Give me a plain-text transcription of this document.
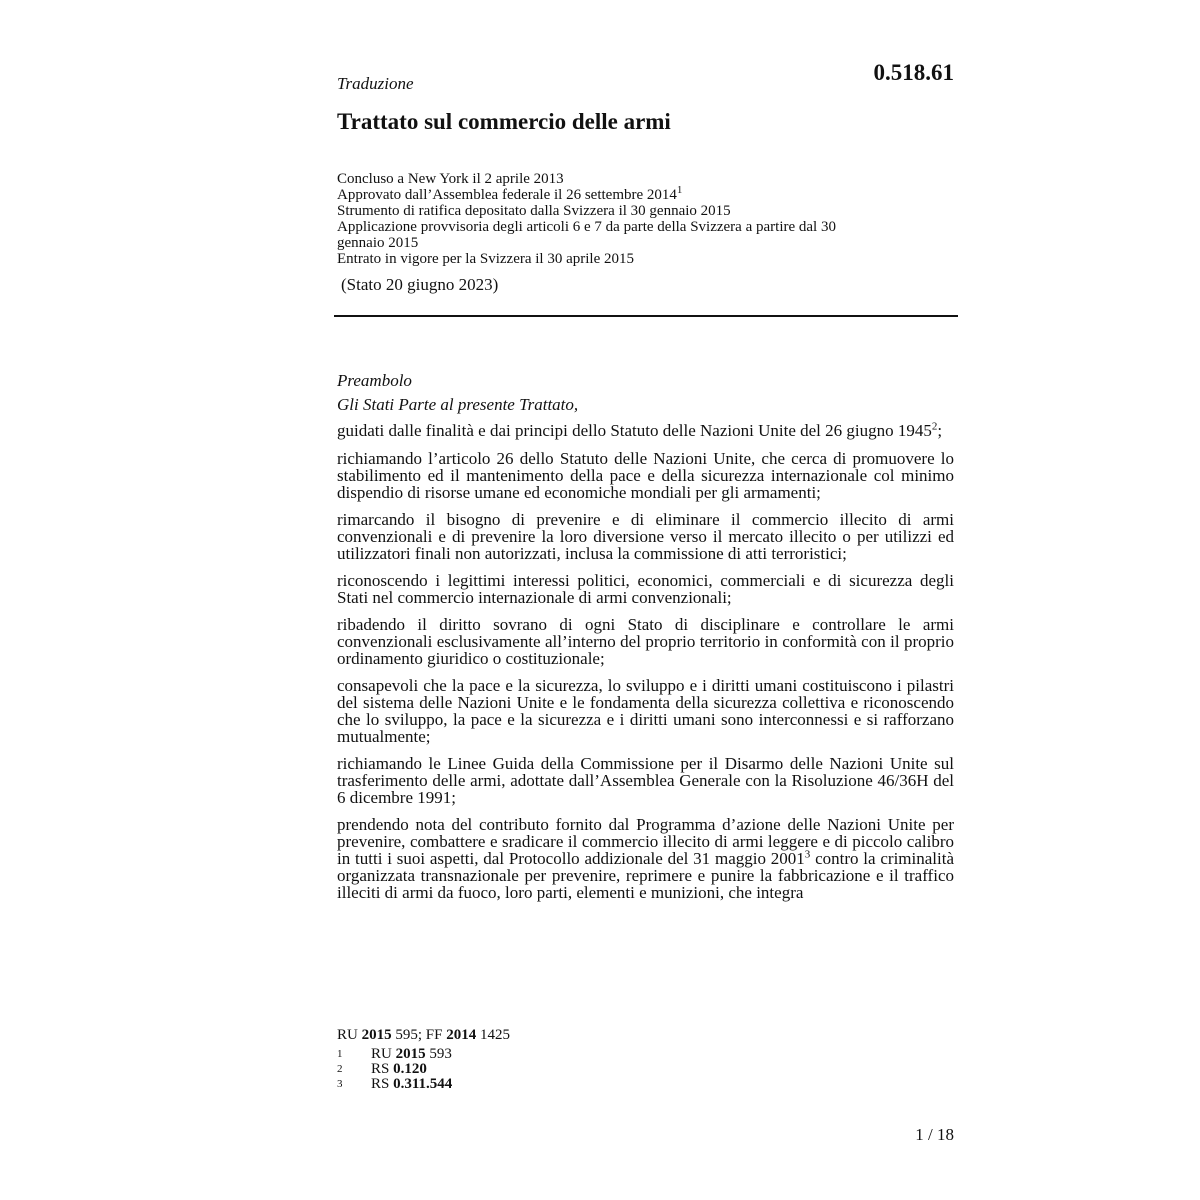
Traduzione	0.518.61
Trattato sul commercio delle armi
Concluso a New York il 2 aprile 2013
Approvato dall’Assemblea federale il 26 settembre 2014$^1$
Strumento di ratifica depositato dalla Svizzera il 30 gennaio 2015
Applicazione provvisoria degli articoli 6 e 7 da parte della Svizzera a partire dal 30 gennaio 2015
Entrato in vigore per la Svizzera il 30 aprile 2015
(Stato 20 giugno 2023)
Preambolo
Gli Stati Parte al presente Trattato,

guidati dalle finalità e dai principi dello Statuto delle Nazioni Unite del 26 giugno 1945$^2$;

richiamando l’articolo 26 dello Statuto delle Nazioni Unite, che cerca di promuovere lo stabilimento ed il mantenimento della pace e della sicurezza internazionale col minimo dispendio di risorse umane ed economiche mondiali per gli armamenti;

rimarcando il bisogno di prevenire e di eliminare il commercio illecito di armi convenzionali e di prevenire la loro diversione verso il mercato illecito o per utilizzi ed utilizzatori finali non autorizzati, inclusa la commissione di atti terroristici;

riconoscendo i legittimi interessi politici, economici, commerciali e di sicurezza degli Stati nel commercio internazionale di armi convenzionali;

ribadendo il diritto sovrano di ogni Stato di disciplinare e controllare le armi convenzionali esclusivamente all’interno del proprio territorio in conformità con il proprio ordinamento giuridico o costituzionale;

consapevoli che la pace e la sicurezza, lo sviluppo e i diritti umani costituiscono i pilastri del sistema delle Nazioni Unite e le fondamenta della sicurezza collettiva e riconoscendo che lo sviluppo, la pace e la sicurezza e i diritti umani sono interconnessi e si rafforzano mutualmente;

richiamando le Linee Guida della Commissione per il Disarmo delle Nazioni Unite sul trasferimento delle armi, adottate dall’Assemblea Generale con la Risoluzione 46/36H del 6 dicembre 1991;

prendendo nota del contributo fornito dal Programma d’azione delle Nazioni Unite per prevenire, combattere e sradicare il commercio illecito di armi leggere e di piccolo calibro in tutti i suoi aspetti, dal Protocollo addizionale del 31 maggio 2001$^3$ contro la criminalità organizzata transnazionale per prevenire, reprimere e punire la fabbricazione e il traffico illeciti di armi da fuoco, loro parti, elementi e munizioni, che integra

RU 2015 595; FF 2014 1425
1	RU 2015 593
2	RS 0.120
3	RS 0.311.544
1 / 18
